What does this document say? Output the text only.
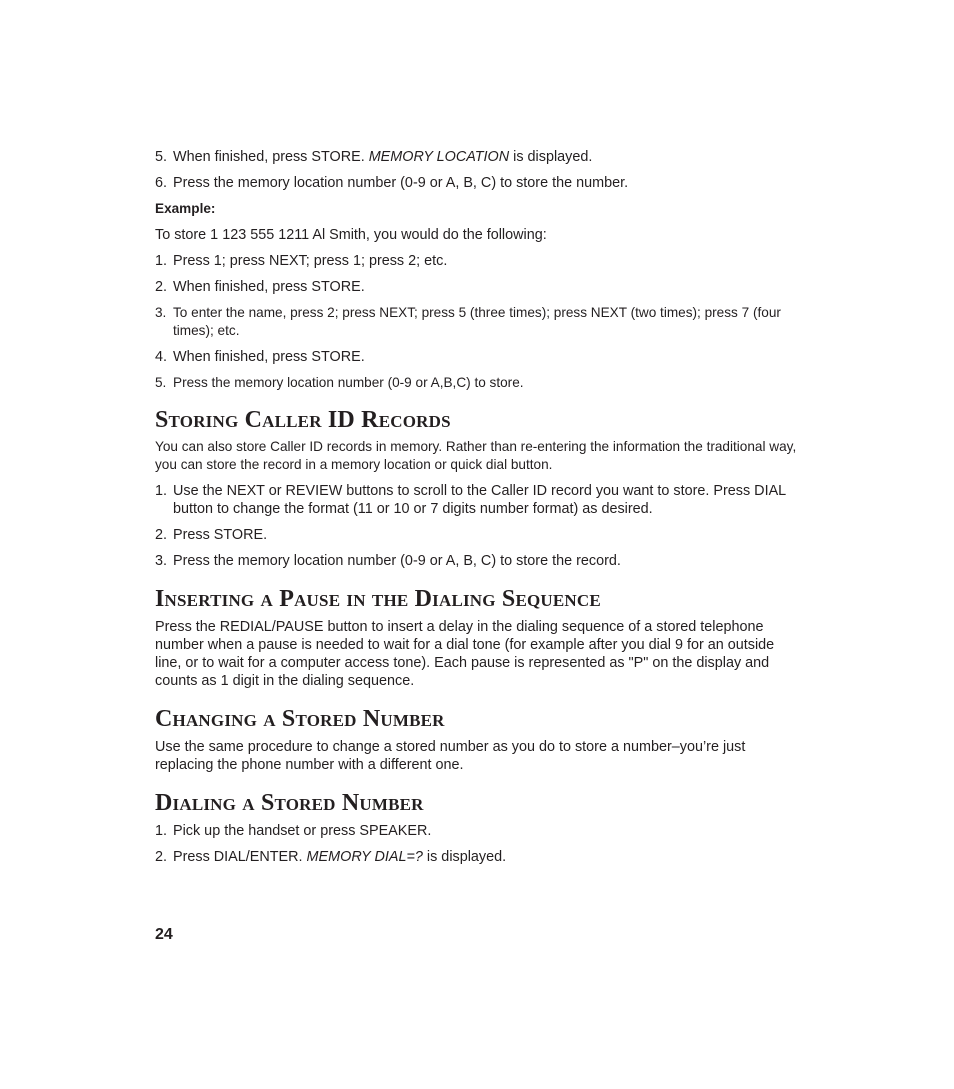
5. When finished, press STORE. MEMORY LOCATION is displayed.
6. Press the memory location number (0-9 or A, B, C) to store the number.

Example:

To store 1 123 555 1211 Al Smith, you would do the following:

1. Press 1; press NEXT; press 1; press 2; etc.
2. When finished, press STORE.
3. To enter the name, press 2; press NEXT; press 5 (three times); press NEXT (two times); press 7 (four times); etc.
4. When finished, press STORE.
5. Press the memory location number (0-9 or A,B,C) to store.
Storing Caller ID Records

You can also store Caller ID records in memory. Rather than re-entering the information the traditional way, you can store the record in a memory location or quick dial button.

1. Use the NEXT or REVIEW buttons to scroll to the Caller ID record you want to store. Press DIAL button to change the format (11 or 10 or 7 digits number format) as desired.
2. Press STORE.
3. Press the memory location number (0-9 or A, B, C) to store the record.
Inserting a Pause in the Dialing Sequence

Press the REDIAL/PAUSE button to insert a delay in the dialing sequence of a stored telephone number when a pause is needed to wait for a dial tone (for example after you dial 9 for an outside line, or to wait for a computer access tone). Each pause is represented as "P" on the display and counts as 1 digit in the dialing sequence.

Changing a Stored Number

Use the same procedure to change a stored number as you do to store a number–you’re just replacing the phone number with a different one.

Dialing a Stored Number
1. Pick up the handset or press SPEAKER.
2. Press DIAL/ENTER. MEMORY DIAL=? is displayed.

24
